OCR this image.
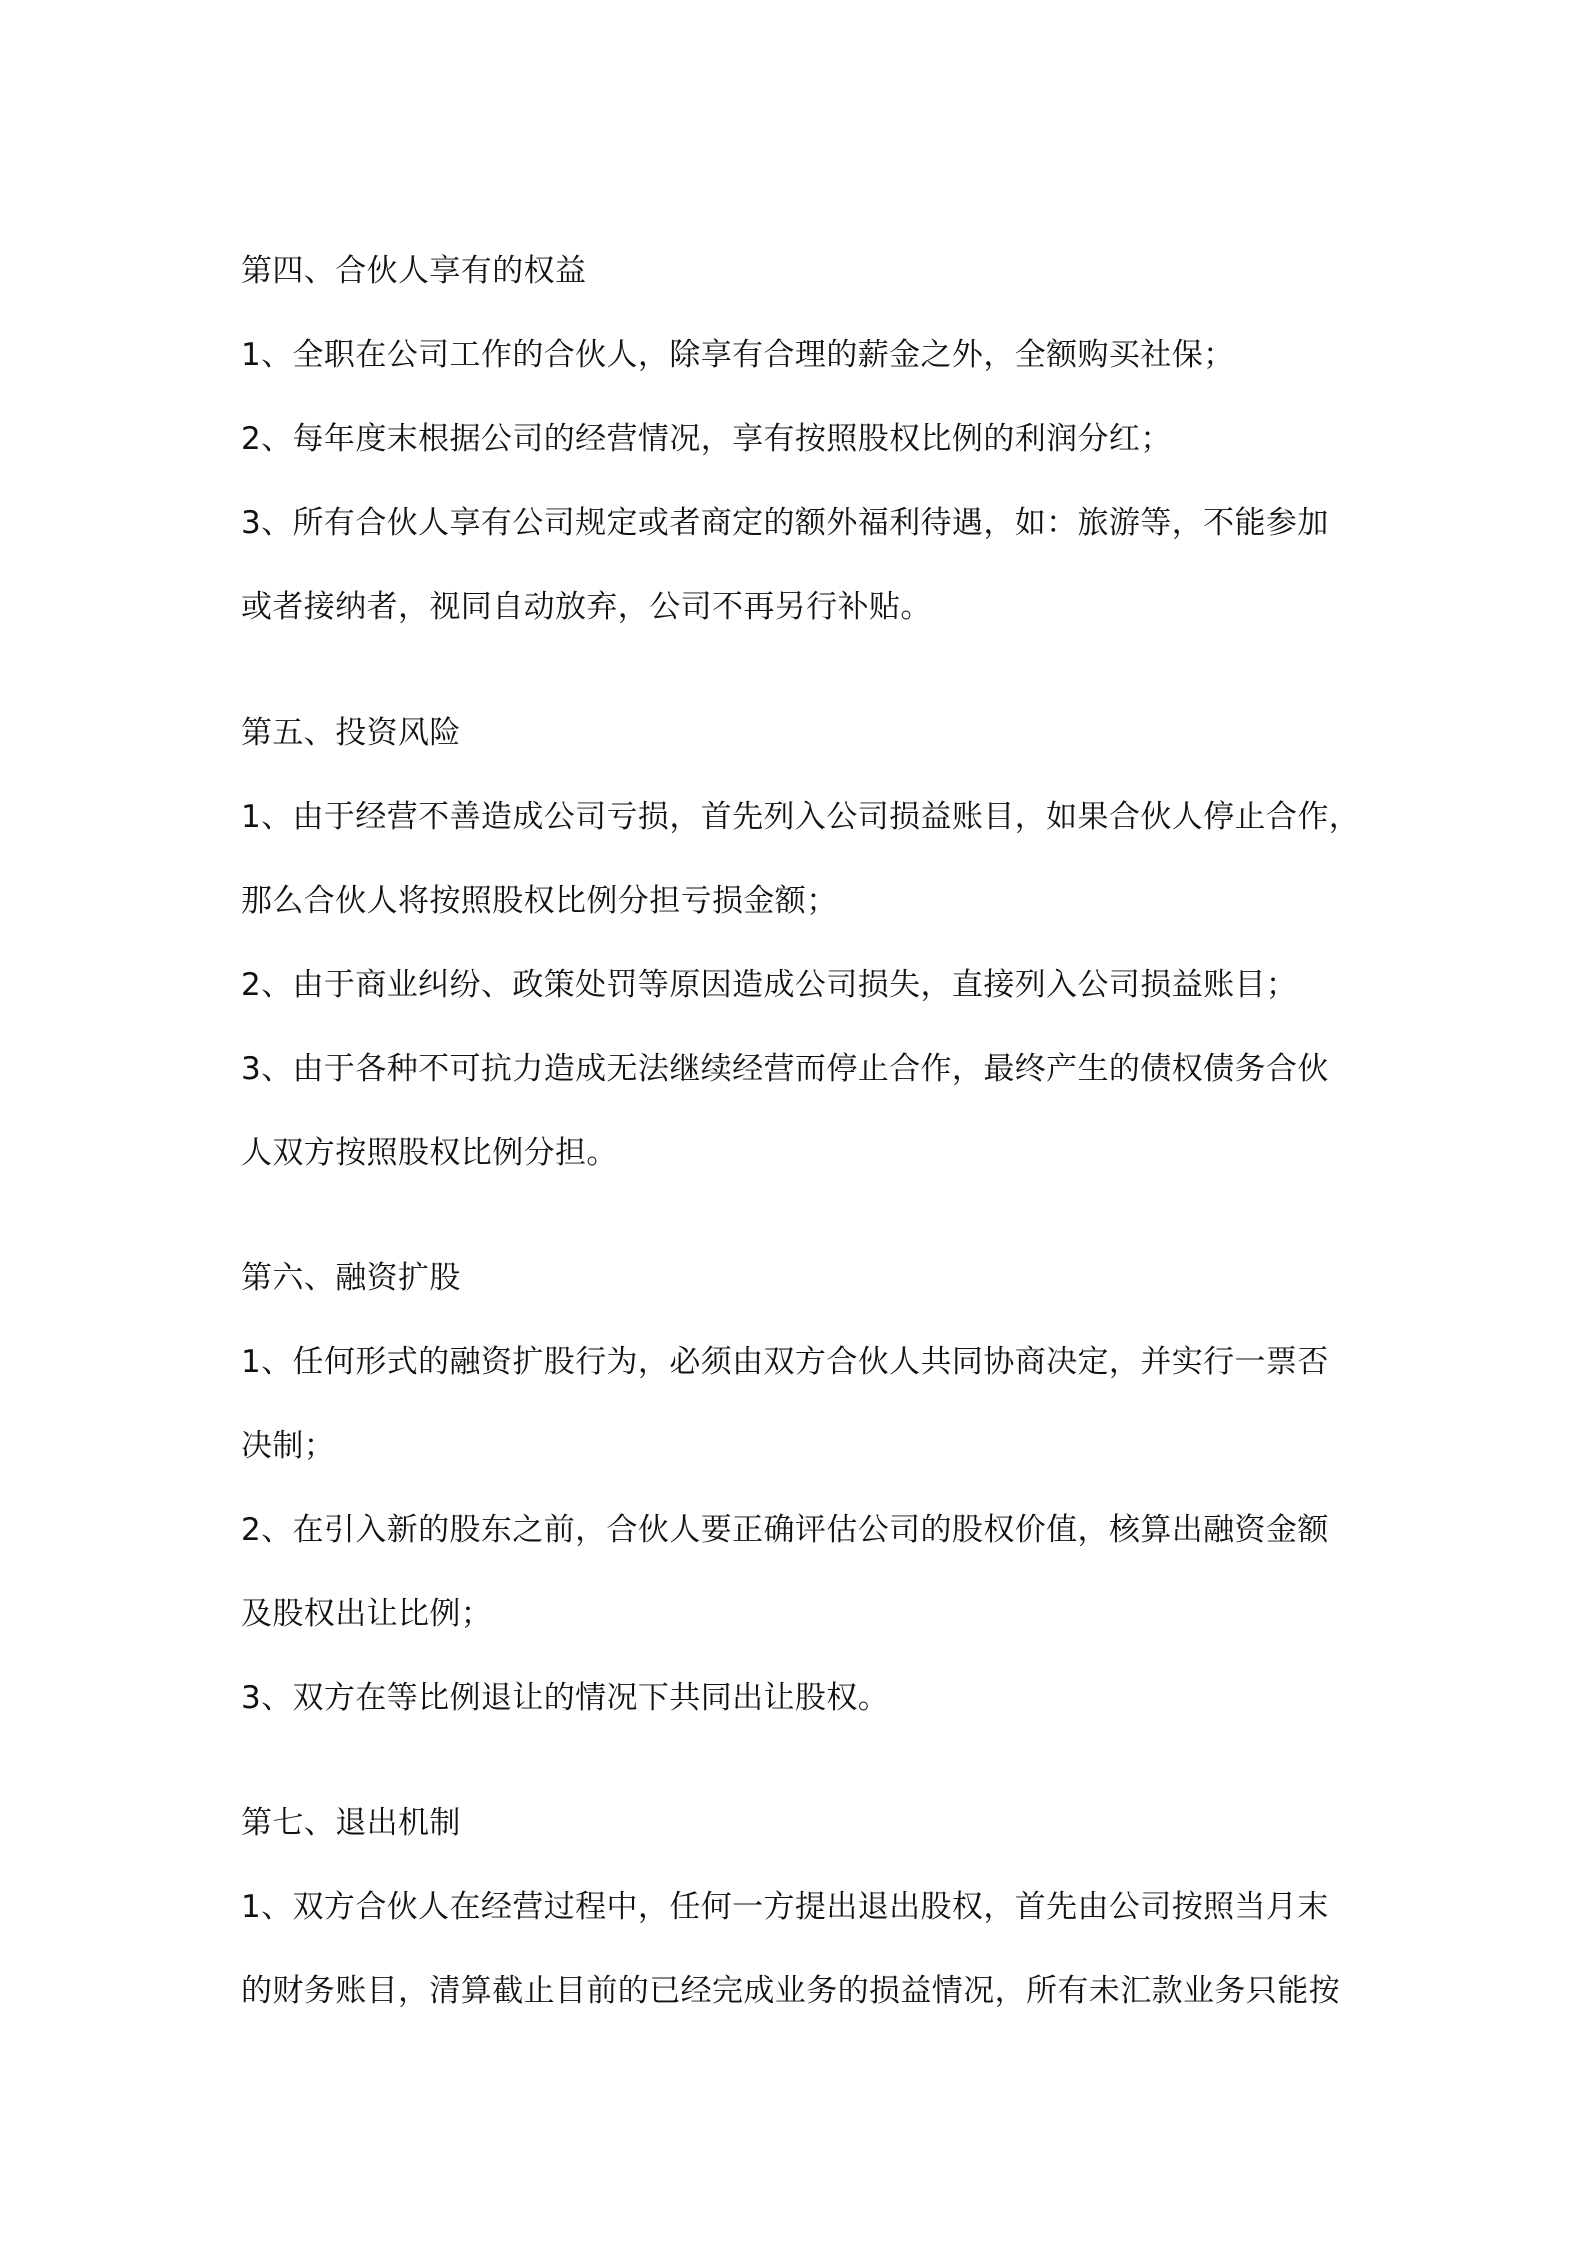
第四、合伙人享有的权益
1、全职在公司工作的合伙人，除享有合理的薪金之外，全额购买社保；
2、每年度末根据公司的经营情况，享有按照股权比例的利润分红；
3、所有合伙人享有公司规定或者商定的额外福利待遇，如：旅游等，不能参加
或者接纳者，视同自动放弃，公司不再另行补贴。
第五、投资风险
1、由于经营不善造成公司亏损，首先列入公司损益账目，如果合伙人停止合作，
那么合伙人将按照股权比例分担亏损金额；
2、由于商业纠纷、政策处罚等原因造成公司损失，直接列入公司损益账目；
3、由于各种不可抗力造成无法继续经营而停止合作，最终产生的债权债务合伙
人双方按照股权比例分担。
第六、融资扩股
1、任何形式的融资扩股行为，必须由双方合伙人共同协商决定，并实行一票否
决制；
2、在引入新的股东之前，合伙人要正确评估公司的股权价值，核算出融资金额
及股权出让比例；
3、双方在等比例退让的情况下共同出让股权。
第七、退出机制
1、双方合伙人在经营过程中，任何一方提出退出股权，首先由公司按照当月末
的财务账目，清算截止目前的已经完成业务的损益情况，所有未汇款业务只能按
